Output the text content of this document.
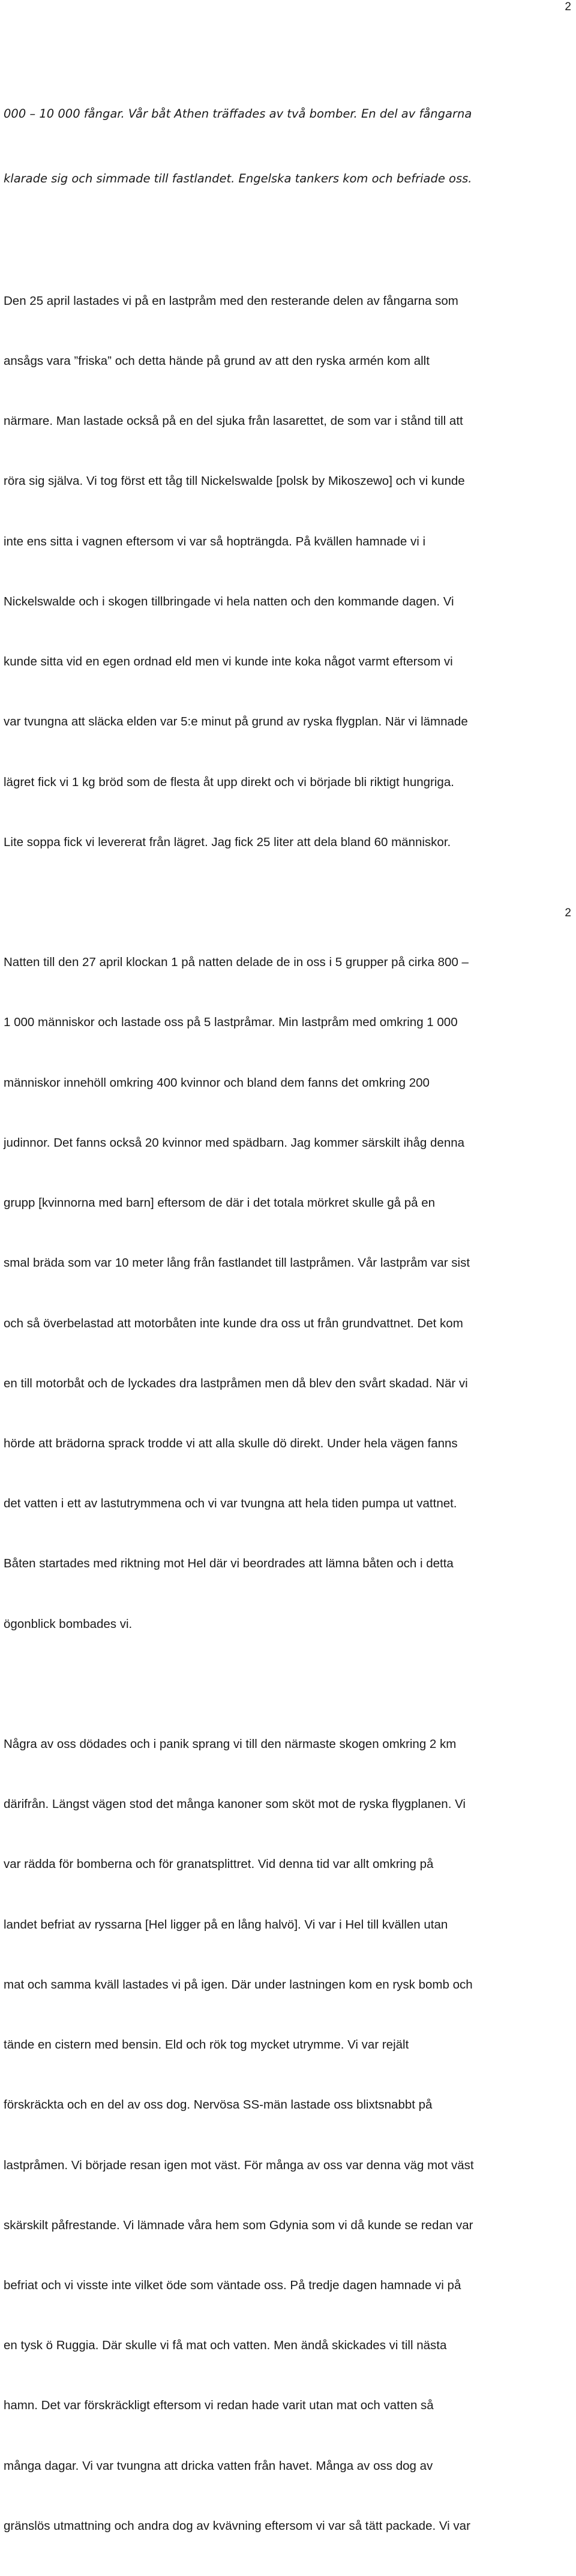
2

000 – 10 000 fångar. Vår båt Athen träffades av två bomber. En del av fångarna

klarade sig och simmade till fastlandet. Engelska tankers kom och befriade oss.

Den 25 april lastades vi på en lastpråm med den resterande delen av fångarna som

ansågs vara ”friska” och detta hände på grund av att den ryska armén kom allt

närmare. Man lastade också på en del sjuka från lasarettet, de som var i stånd till att

röra sig själva. Vi tog först ett tåg till Nickelswalde [polsk by Mikoszewo] och vi kunde

inte ens sitta i vagnen eftersom vi var så hopträngda. På kvällen hamnade vi i

Nickelswalde och i skogen tillbringade vi hela natten och den kommande dagen. Vi

kunde sitta vid en egen ordnad eld men vi kunde inte koka något varmt eftersom vi

var tvungna att släcka elden var 5:e minut på grund av ryska flygplan. När vi lämnade

lägret fick vi 1 kg bröd som de flesta åt upp direkt och vi började bli riktigt hungriga.

Lite soppa fick vi levererat från lägret. Jag fick 25 liter att dela bland 60 människor.

Natten till den 27 april klockan 1 på natten delade de in oss i 5 grupper på cirka 800 –

1 000 människor och lastade oss på 5 lastpråmar. Min lastpråm med omkring 1 000

människor innehöll omkring 400 kvinnor och bland dem fanns det omkring 200

judinnor. Det fanns också 20 kvinnor med spädbarn. Jag kommer särskilt ihåg denna

grupp [kvinnorna med barn] eftersom de där i det totala mörkret skulle gå på en

smal bräda som var 10 meter lång från fastlandet till lastpråmen. Vår lastpråm var sist

och så överbelastad att motorbåten inte kunde dra oss ut från grundvattnet. Det kom

en till motorbåt och de lyckades dra lastpråmen men då blev den svårt skadad. När vi

hörde att brädorna sprack trodde vi att alla skulle dö direkt. Under hela vägen fanns

det vatten i ett av lastutrymmena och vi var tvungna att hela tiden pumpa ut vattnet.

Båten startades med riktning mot Hel där vi beordrades att lämna båten och i detta

ögonblick bombades vi.

Några av oss dödades och i panik sprang vi till den närmaste skogen omkring 2 km

därifrån. Längst vägen stod det många kanoner som sköt mot de ryska flygplanen. Vi

var rädda för bomberna och för granatsplittret. Vid denna tid var allt omkring på

landet befriat av ryssarna [Hel ligger på en lång halvö]. Vi var i Hel till kvällen utan

mat och samma kväll lastades vi på igen. Där under lastningen kom en rysk bomb och

tände en cistern med bensin. Eld och rök tog mycket utrymme. Vi var rejält

förskräckta och en del av oss dog. Nervösa SS-män lastade oss blixtsnabbt på

lastpråmen. Vi började resan igen mot väst. För många av oss var denna väg mot väst

skärskilt påfrestande. Vi lämnade våra hem som Gdynia som vi då kunde se redan var

befriat och vi visste inte vilket öde som väntade oss. På tredje dagen hamnade vi på

en tysk ö Ruggia. Där skulle vi få mat och vatten. Men ändå skickades vi till nästa

hamn. Det var förskräckligt eftersom vi redan hade varit utan mat och vatten så

många dagar. Vi var tvungna att dricka vatten från havet. Många av oss dog av

gränslös utmattning och andra dog av kvävning eftersom vi var så tätt packade. Vi var

2
